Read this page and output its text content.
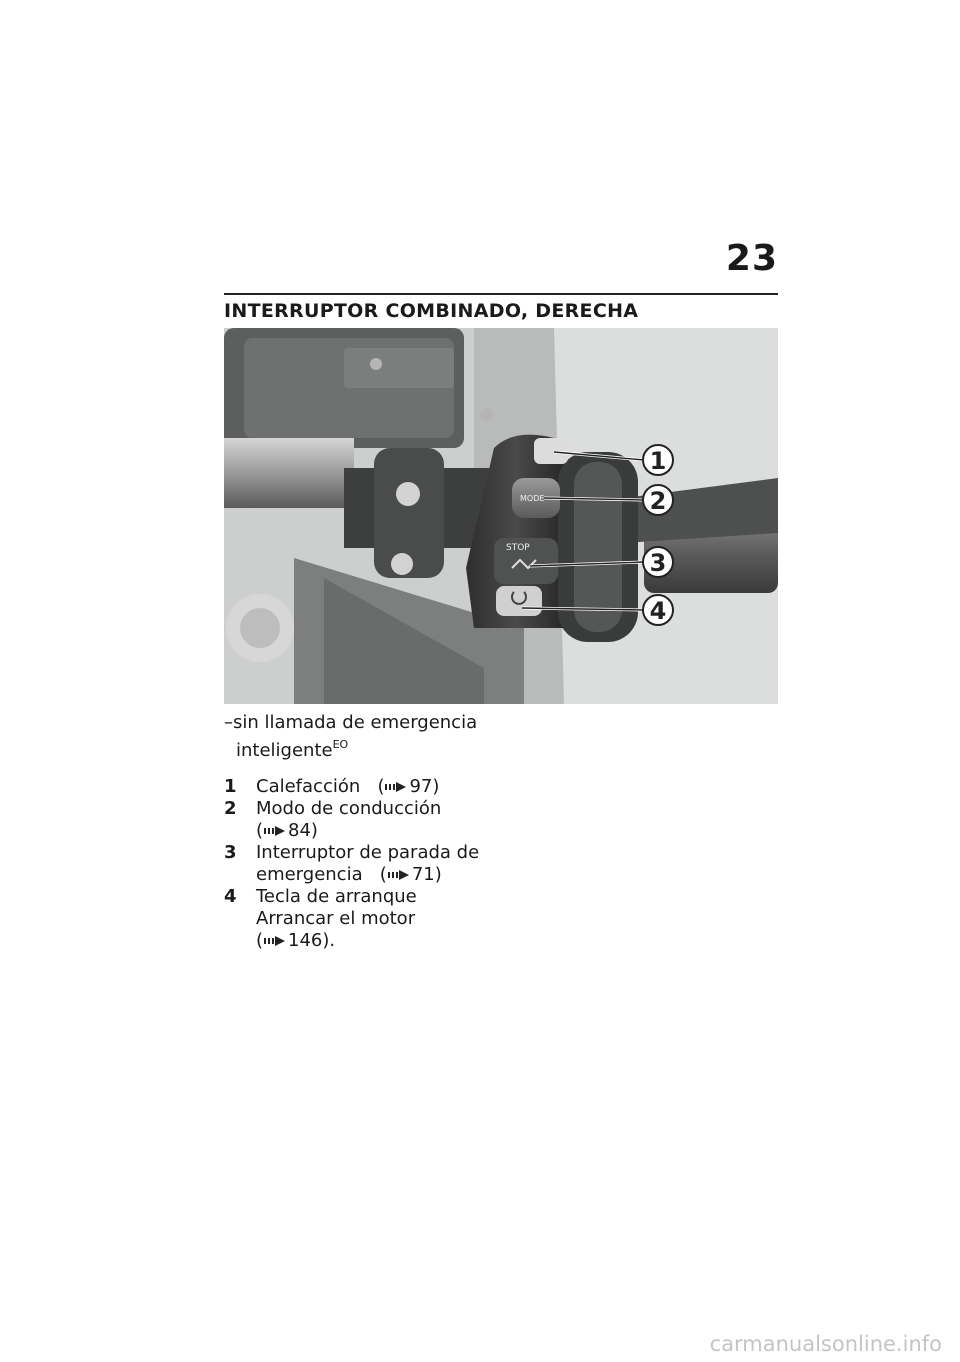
23
INTERRUPTOR COMBINADO, DERECHA
MODE
STOP
1
2
3
4
–sin llamada de emergencia
inteligente$^{EO}$
1	Calefacción ( 97)
2	Modo de conducción
( 84)
3	Interruptor de parada de
emergencia ( 71)
4	Tecla de arranque
Arrancar el motor
( 146).
carmanualsonline.info
